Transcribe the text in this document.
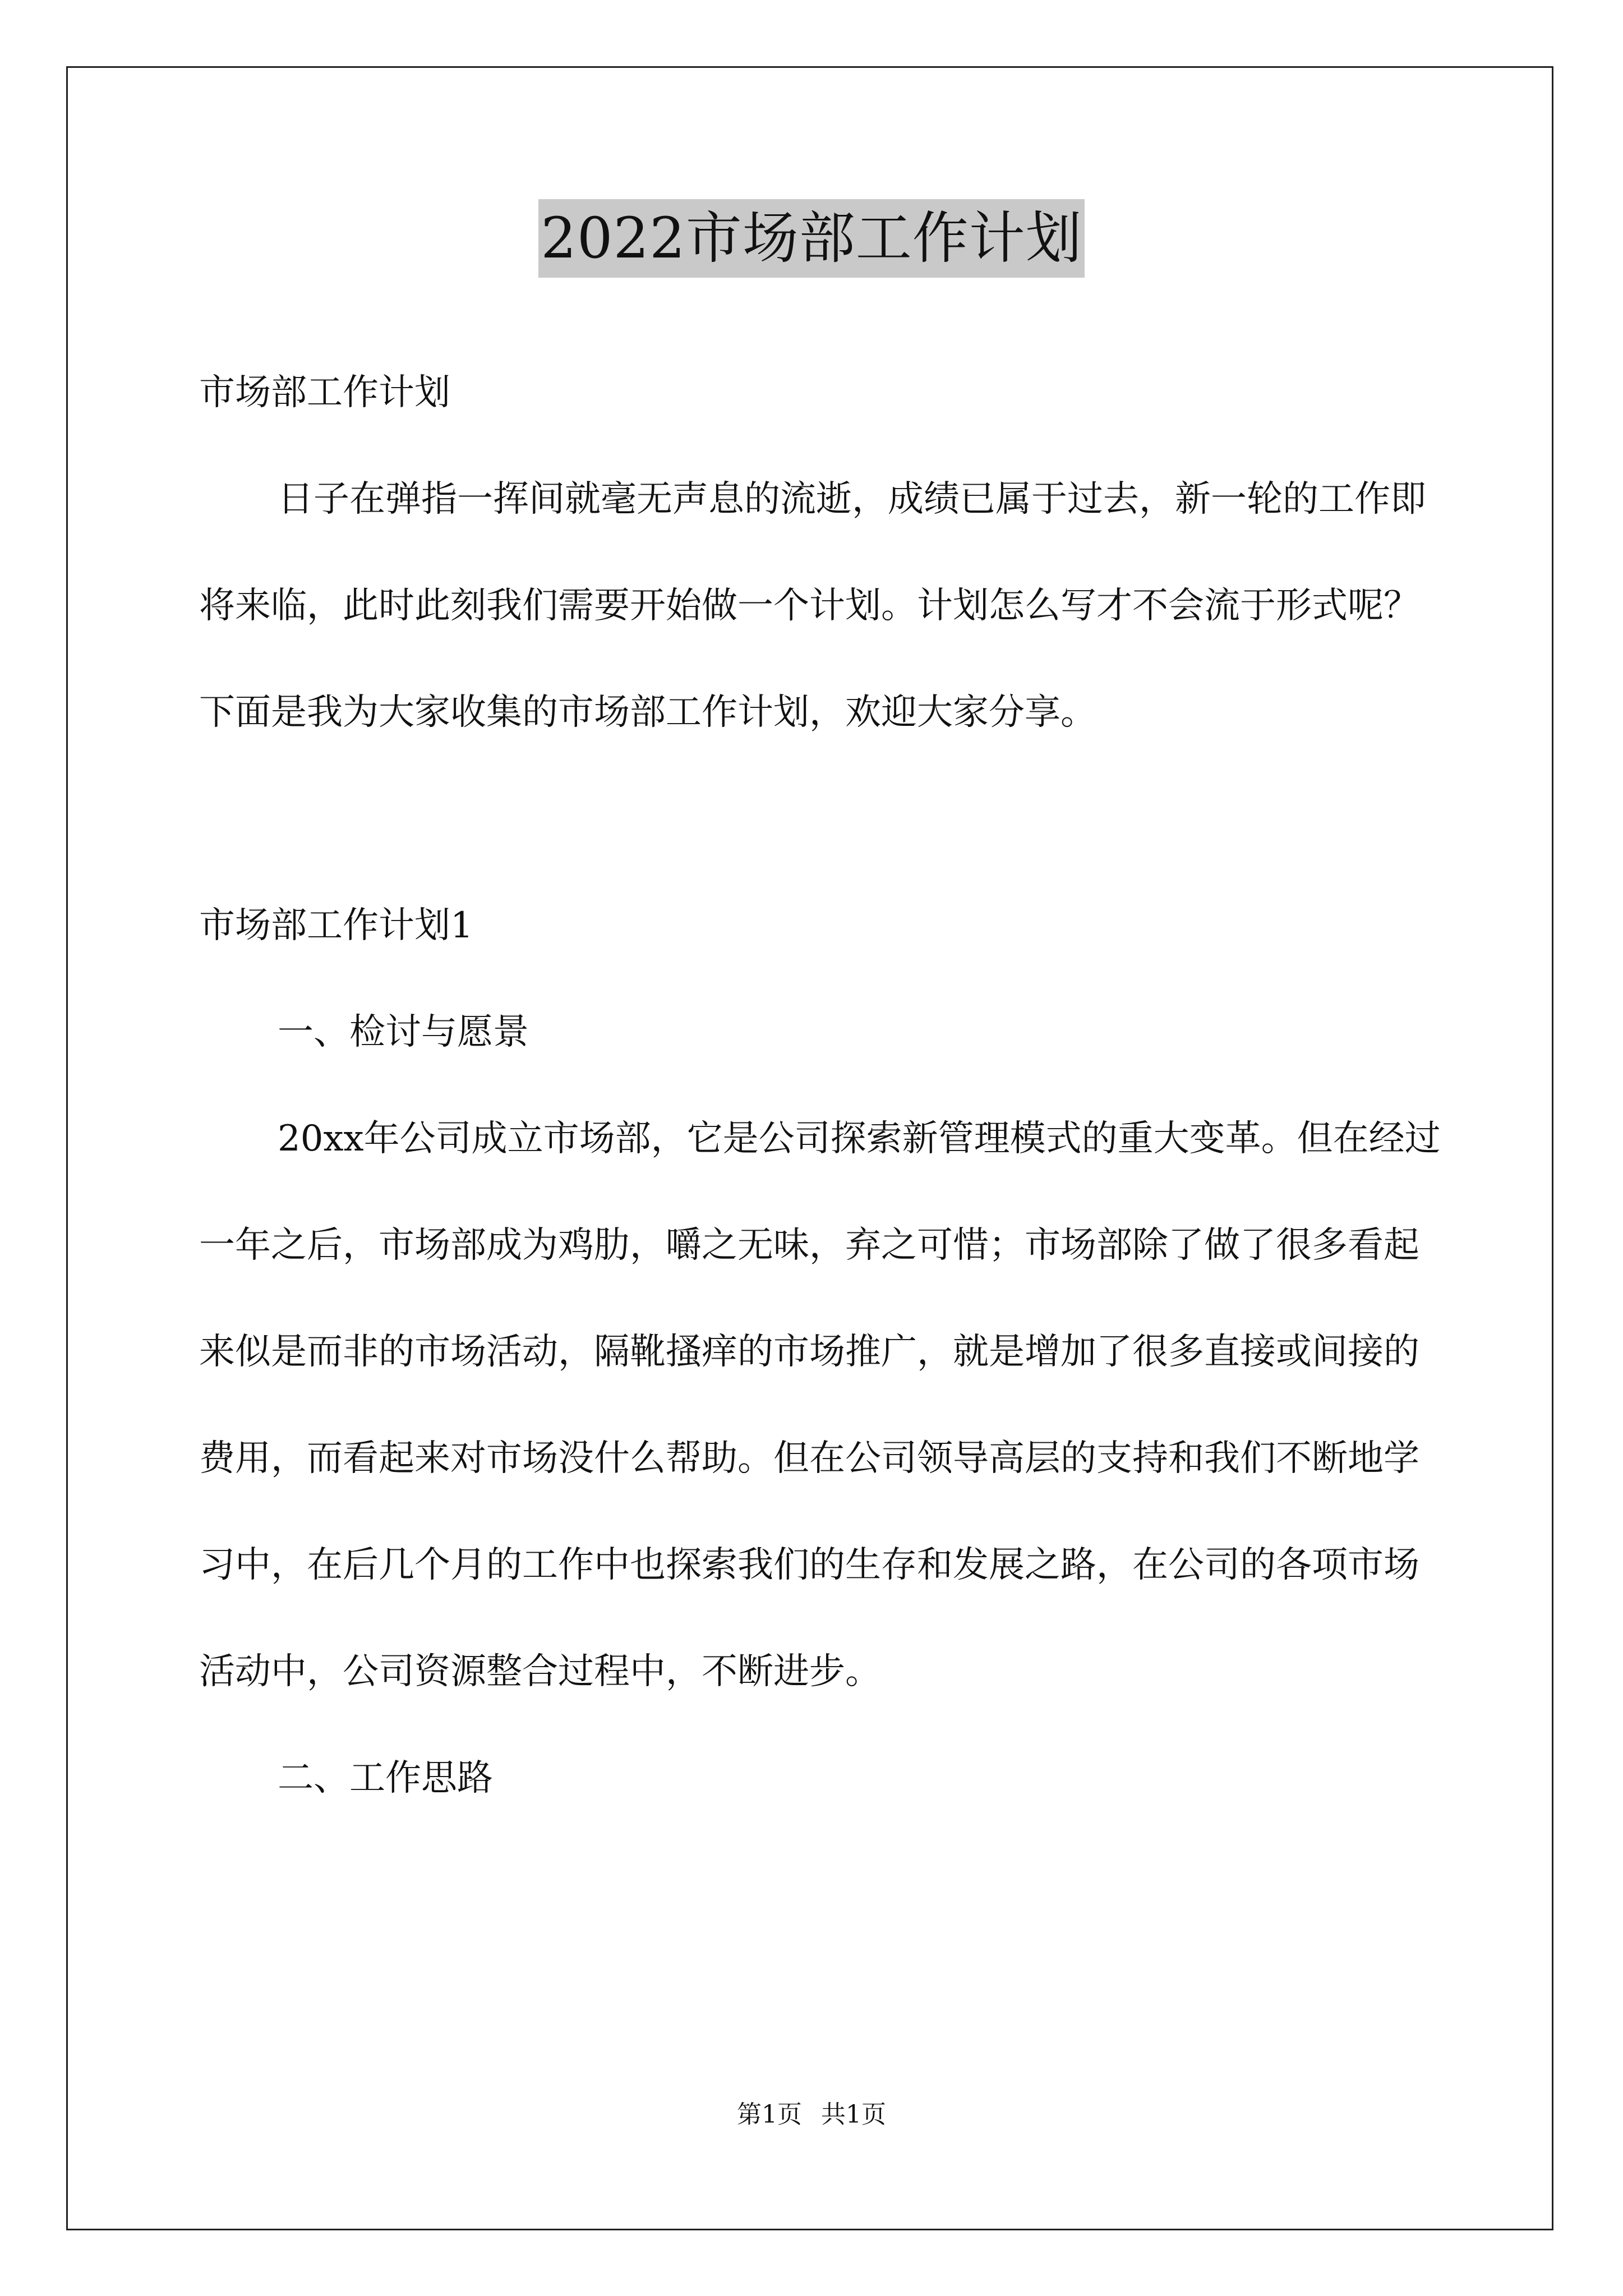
2022市场部工作计划

市场部工作计划

日子在弹指一挥间就毫无声息的流逝，成绩已属于过去，新一轮的工作即将来临，此时此刻我们需要开始做一个计划。计划怎么写才不会流于形式呢？下面是我为大家收集的市场部工作计划，欢迎大家分享。

市场部工作计划1

一、检讨与愿景

20xx年公司成立市场部，它是公司探索新管理模式的重大变革。但在经过一年之后，市场部成为鸡肋，嚼之无味，弃之可惜；市场部除了做了很多看起来似是而非的市场活动，隔靴搔痒的市场推广，就是增加了很多直接或间接的费用，而看起来对市场没什么帮助。但在公司领导高层的支持和我们不断地学习中，在后几个月的工作中也探索我们的生存和发展之路，在公司的各项市场活动中，公司资源整合过程中，不断进步。

二、工作思路

第1页 共1页
